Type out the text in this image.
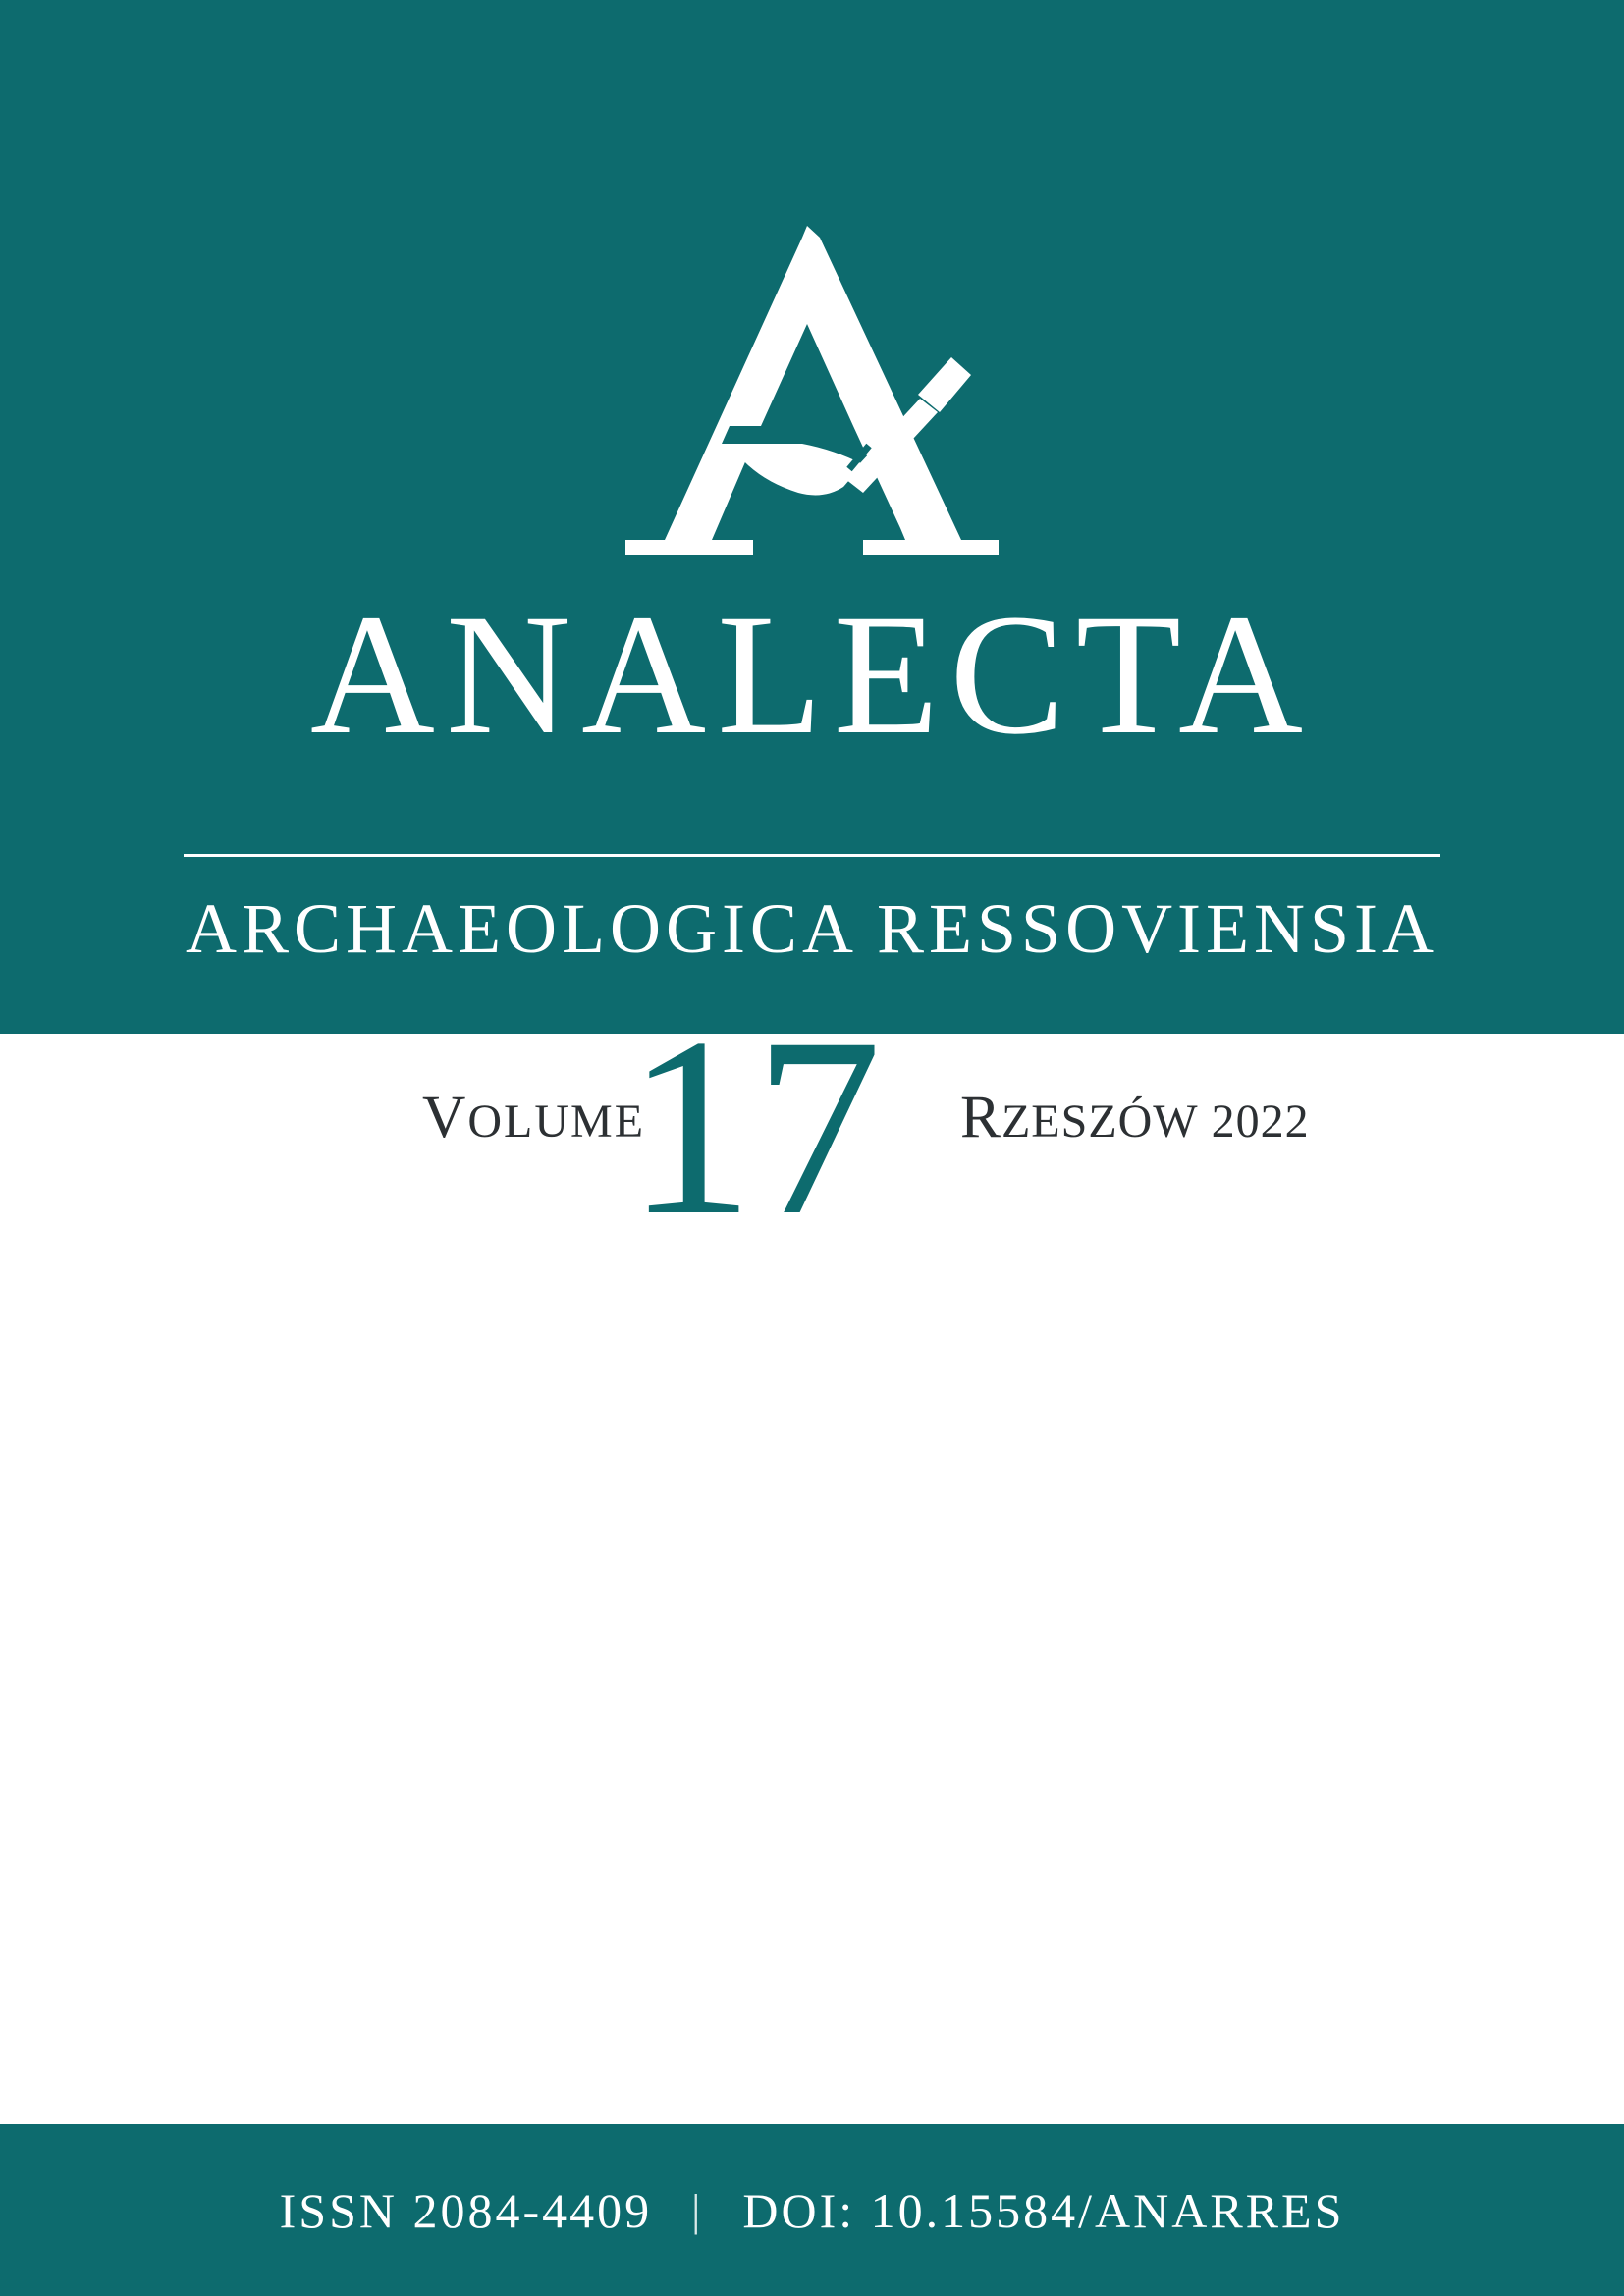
ANALECTA
ARCHAEOLOGICA RESSOVIENSIA
VOLUME
17 RZESZÓW 2022
ISSN 2084-4409 | DOI: 10.15584/ANARRES
